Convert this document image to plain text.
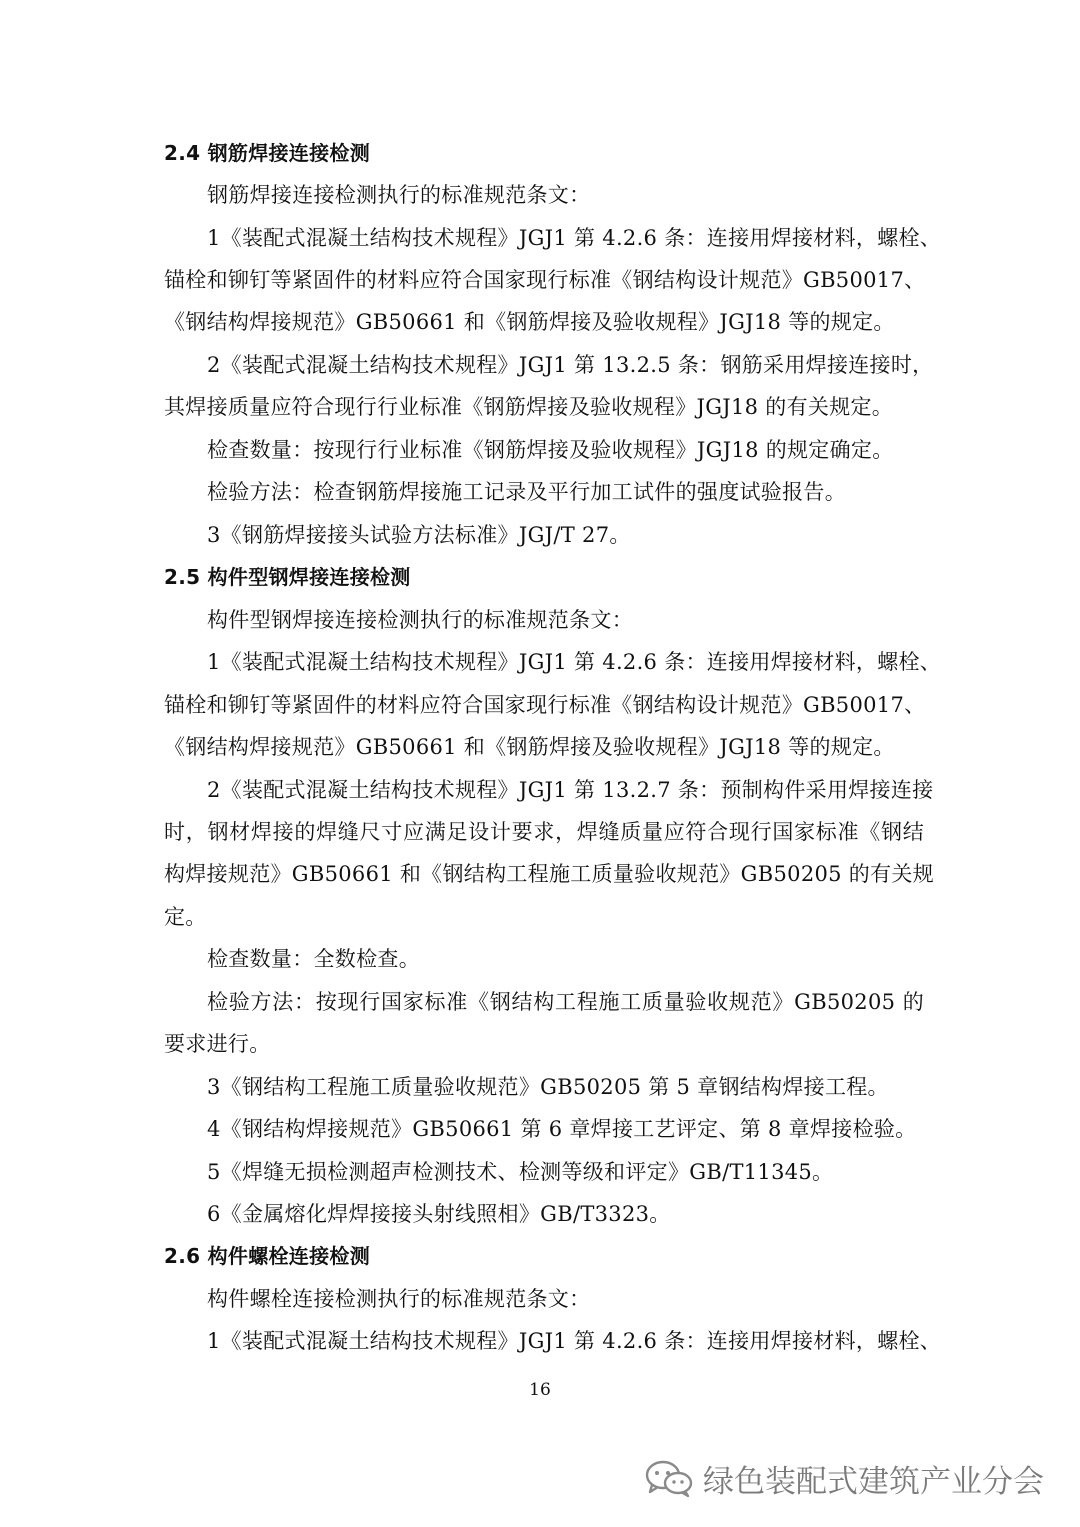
2.4 钢筋焊接连接检测
钢筋焊接连接检测执行的标准规范条文：
1《装配式混凝土结构技术规程》JGJ1 第 4.2.6 条：连接用焊接材料，螺栓、
锚栓和铆钉等紧固件的材料应符合国家现行标准《钢结构设计规范》GB50017、
《钢结构焊接规范》GB50661 和《钢筋焊接及验收规程》JGJ18 等的规定。
2《装配式混凝土结构技术规程》JGJ1 第 13.2.5 条：钢筋采用焊接连接时，
其焊接质量应符合现行行业标准《钢筋焊接及验收规程》JGJ18 的有关规定。
检查数量：按现行行业标准《钢筋焊接及验收规程》JGJ18 的规定确定。
检验方法：检查钢筋焊接施工记录及平行加工试件的强度试验报告。
3《钢筋焊接接头试验方法标准》JGJ/T 27。
2.5 构件型钢焊接连接检测
构件型钢焊接连接检测执行的标准规范条文：
1《装配式混凝土结构技术规程》JGJ1 第 4.2.6 条：连接用焊接材料，螺栓、
锚栓和铆钉等紧固件的材料应符合国家现行标准《钢结构设计规范》GB50017、
《钢结构焊接规范》GB50661 和《钢筋焊接及验收规程》JGJ18 等的规定。
2《装配式混凝土结构技术规程》JGJ1 第 13.2.7 条：预制构件采用焊接连接
时，钢材焊接的焊缝尺寸应满足设计要求，焊缝质量应符合现行国家标准《钢结
构焊接规范》GB50661 和《钢结构工程施工质量验收规范》GB50205 的有关规
定。
检查数量：全数检查。
检验方法：按现行国家标准《钢结构工程施工质量验收规范》GB50205 的
要求进行。
3《钢结构工程施工质量验收规范》GB50205 第 5 章钢结构焊接工程。
4《钢结构焊接规范》GB50661 第 6 章焊接工艺评定、第 8 章焊接检验。
5《焊缝无损检测超声检测技术、检测等级和评定》GB/T11345。
6《金属熔化焊焊接接头射线照相》GB/T3323。
2.6 构件螺栓连接检测
构件螺栓连接检测执行的标准规范条文：
1《装配式混凝土结构技术规程》JGJ1 第 4.2.6 条：连接用焊接材料，螺栓、
16
绿色装配式建筑产业分会
